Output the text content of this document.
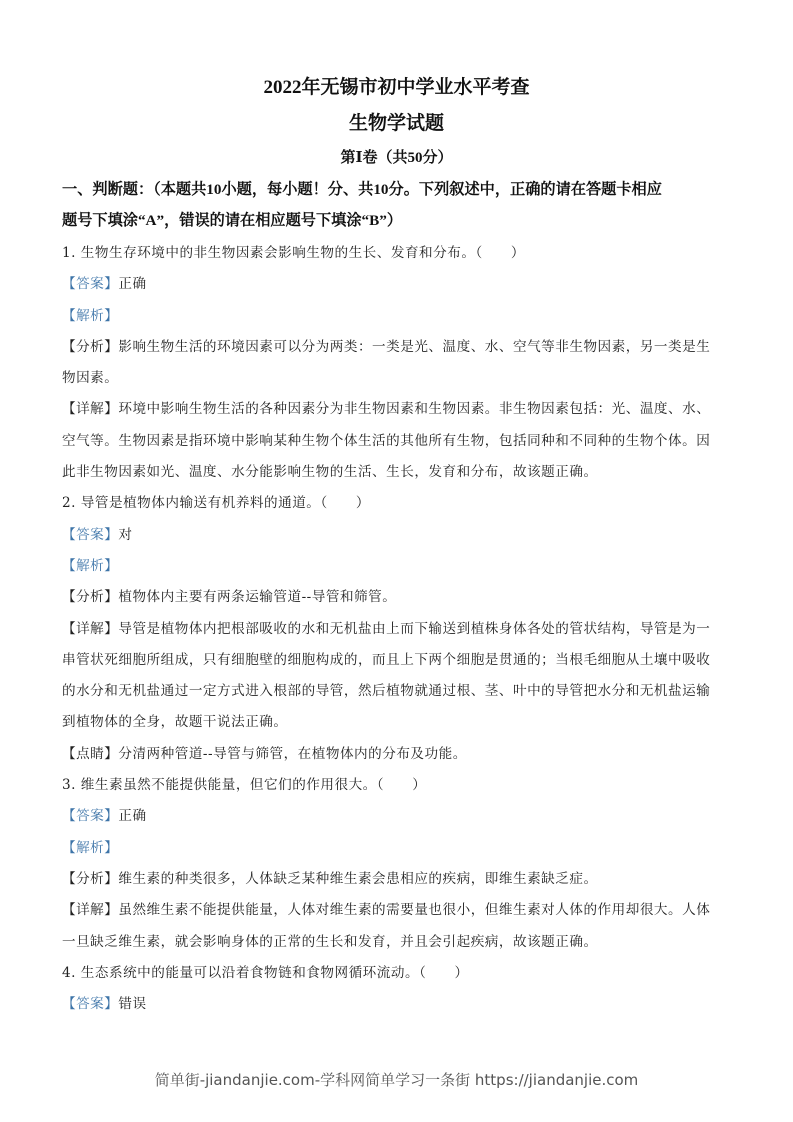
2022年无锡市初中学业水平考查
生物学试题
第Ⅰ卷（共50分）
一、判断题：（本题共10小题，每小题！分、共10分。下列叙述中，正确的请在答题卡相应
题号下填涂“A”，错误的请在相应题号下填涂“B”）
1. 生物生存环境中的非生物因素会影响生物的生长、发育和分布。（　　）
【答案】正确
【解析】
【分析】影响生物生活的环境因素可以分为两类：一类是光、温度、水、空气等非生物因素，另一类是生
物因素。
【详解】环境中影响生物生活的各种因素分为非生物因素和生物因素。非生物因素包括：光、温度、水、
空气等。生物因素是指环境中影响某种生物个体生活的其他所有生物，包括同种和不同种的生物个体。因
此非生物因素如光、温度、水分能影响生物的生活、生长，发育和分布，故该题正确。
2. 导管是植物体内输送有机养料的通道。（　　）
【答案】对
【解析】
【分析】植物体内主要有两条运输管道--导管和筛管。
【详解】导管是植物体内把根部吸收的水和无机盐由上而下输送到植株身体各处的管状结构，导管是为一
串管状死细胞所组成，只有细胞壁的细胞构成的，而且上下两个细胞是贯通的；当根毛细胞从土壤中吸收
的水分和无机盐通过一定方式进入根部的导管，然后植物就通过根、茎、叶中的导管把水分和无机盐运输
到植物体的全身，故题干说法正确。
【点睛】分清两种管道--导管与筛管，在植物体内的分布及功能。
3. 维生素虽然不能提供能量，但它们的作用很大。（　　）
【答案】正确
【解析】
【分析】维生素的种类很多，人体缺乏某种维生素会患相应的疾病，即维生素缺乏症。
【详解】虽然维生素不能提供能量，人体对维生素的需要量也很小，但维生素对人体的作用却很大。人体
一旦缺乏维生素，就会影响身体的正常的生长和发育，并且会引起疾病，故该题正确。
4. 生态系统中的能量可以沿着食物链和食物网循环流动。（　　）
【答案】错误
简单街-jiandanjie.com-学科网简单学习一条街 https://jiandanjie.com
